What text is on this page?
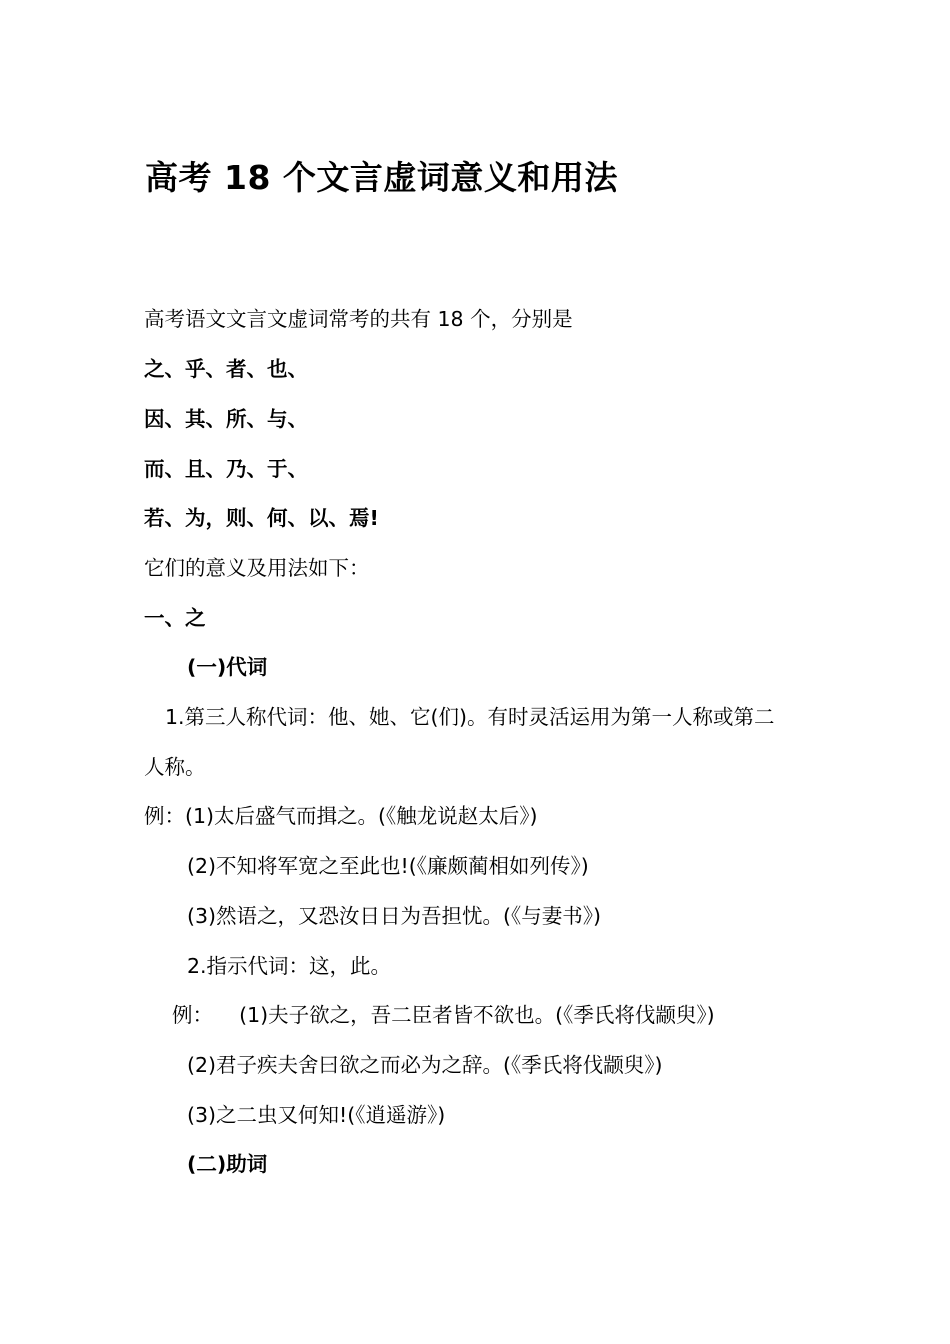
高考 18 个文言虚词意义和用法
高考语文文言文虚词常考的共有 18 个，分别是
之、乎、者、也、
因、其、所、与、
而、且、乃、于、
若、为，则、何、以、焉!
它们的意义及用法如下：
一、之
(一)代词
1.第三人称代词：他、她、它(们)。有时灵活运用为第一人称或第二
人称。
例：(1)太后盛气而揖之。(《触龙说赵太后》)
(2)不知将军宽之至此也!(《廉颇蔺相如列传》)
(3)然语之，又恐汝日日为吾担忧。(《与妻书》)
2.指示代词：这，此。
例：    (1)夫子欲之，吾二臣者皆不欲也。(《季氏将伐颛臾》)
(2)君子疾夫舍曰欲之而必为之辞。(《季氏将伐颛臾》)
(3)之二虫又何知!(《逍遥游》)
(二)助词
